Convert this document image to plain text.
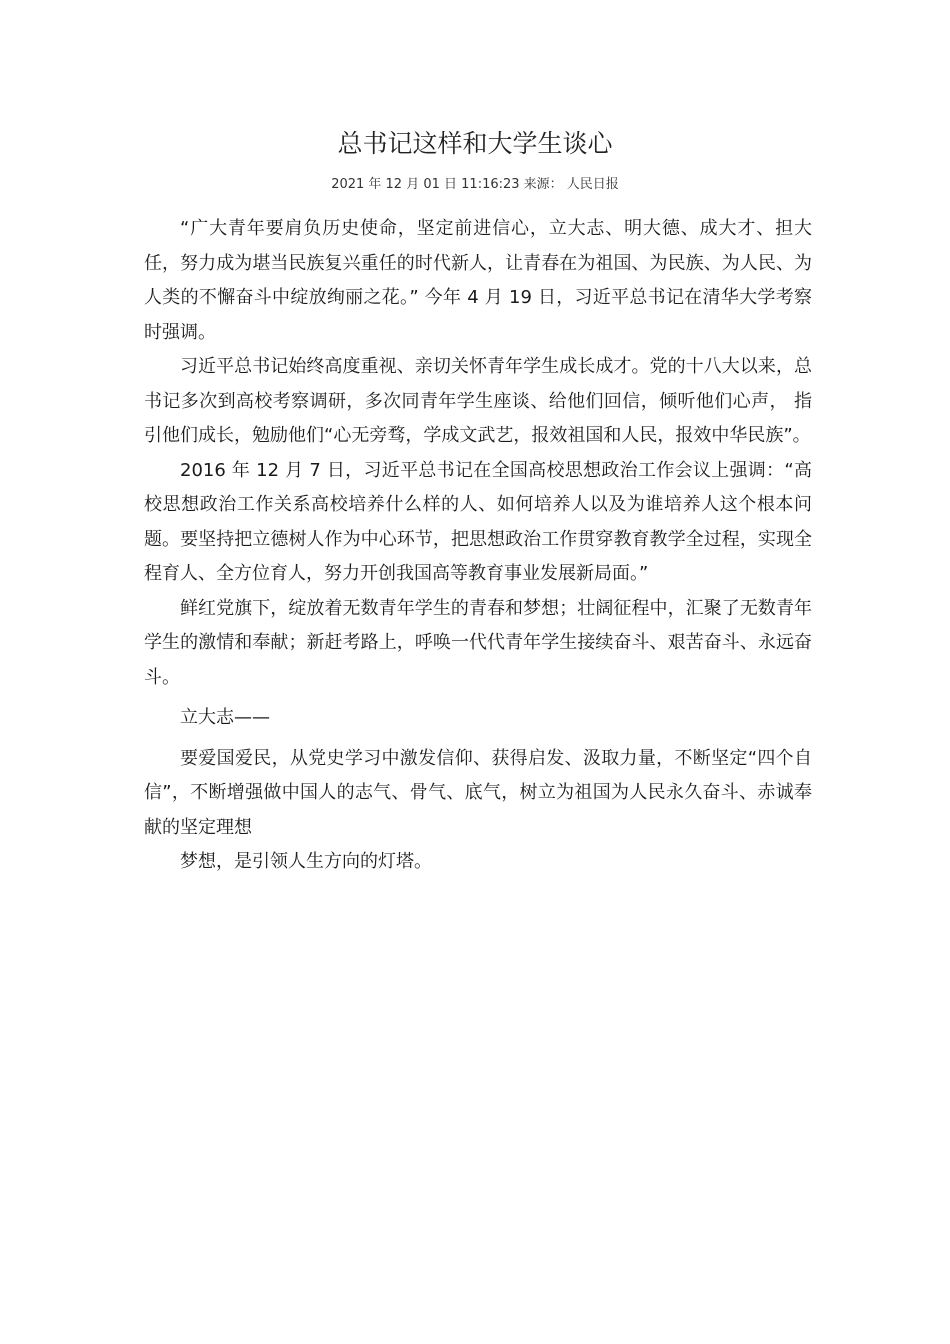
总书记这样和大学生谈心
2021 年 12 月 01 日 11:16:23 来源： 人民日报

“广大青年要肩负历史使命，坚定前进信心，立大志、明大德、成大才、担大任，努力成为堪当民族复兴重任的时代新人，让青春在为祖国、为民族、为人民、为人类的不懈奋斗中绽放绚丽之花。” 今年 4 月 19 日，习近平总书记在清华大学考察时强调。

习近平总书记始终高度重视、亲切关怀青年学生成长成才。党的十八大以来，总书记多次到高校考察调研，多次同青年学生座谈、给他们回信，倾听他们心声， 指引他们成长，勉励他们“心无旁骛，学成文武艺，报效祖国和人民，报效中华民族”。

2016 年 12 月 7 日，习近平总书记在全国高校思想政治工作会议上强调：“高校思想政治工作关系高校培养什么样的人、如何培养人以及为谁培养人这个根本问题。要坚持把立德树人作为中心环节，把思想政治工作贯穿教育教学全过程，实现全程育人、全方位育人，努力开创我国高等教育事业发展新局面。”

鲜红党旗下，绽放着无数青年学生的青春和梦想；壮阔征程中，汇聚了无数青年学生的激情和奉献；新赶考路上，呼唤一代代青年学生接续奋斗、艰苦奋斗、永远奋斗。

立大志——

要爱国爱民，从党史学习中激发信仰、获得启发、汲取力量，不断坚定“四个自信”，不断增强做中国人的志气、骨气、底气，树立为祖国为人民永久奋斗、赤诚奉献的坚定理想

梦想，是引领人生方向的灯塔。
